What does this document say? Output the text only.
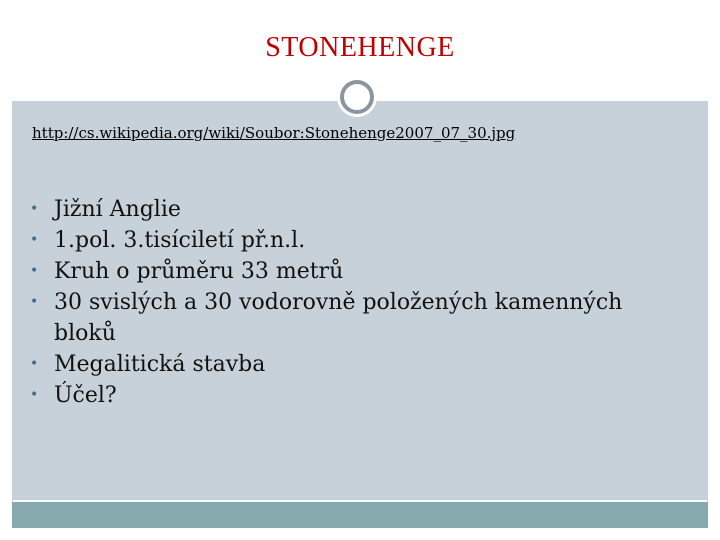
STONEHENGE
http://cs.wikipedia.org/wiki/Soubor:Stonehenge2007_07_30.jpg
• Jižní Anglie
• 1.pol. 3.tisíciletí př.n.l.
• Kruh o průměru 33 metrů
• 30 svislých a 30 vodorovně položených kamenných bloků
• Megalitická stavba
• Účel?
